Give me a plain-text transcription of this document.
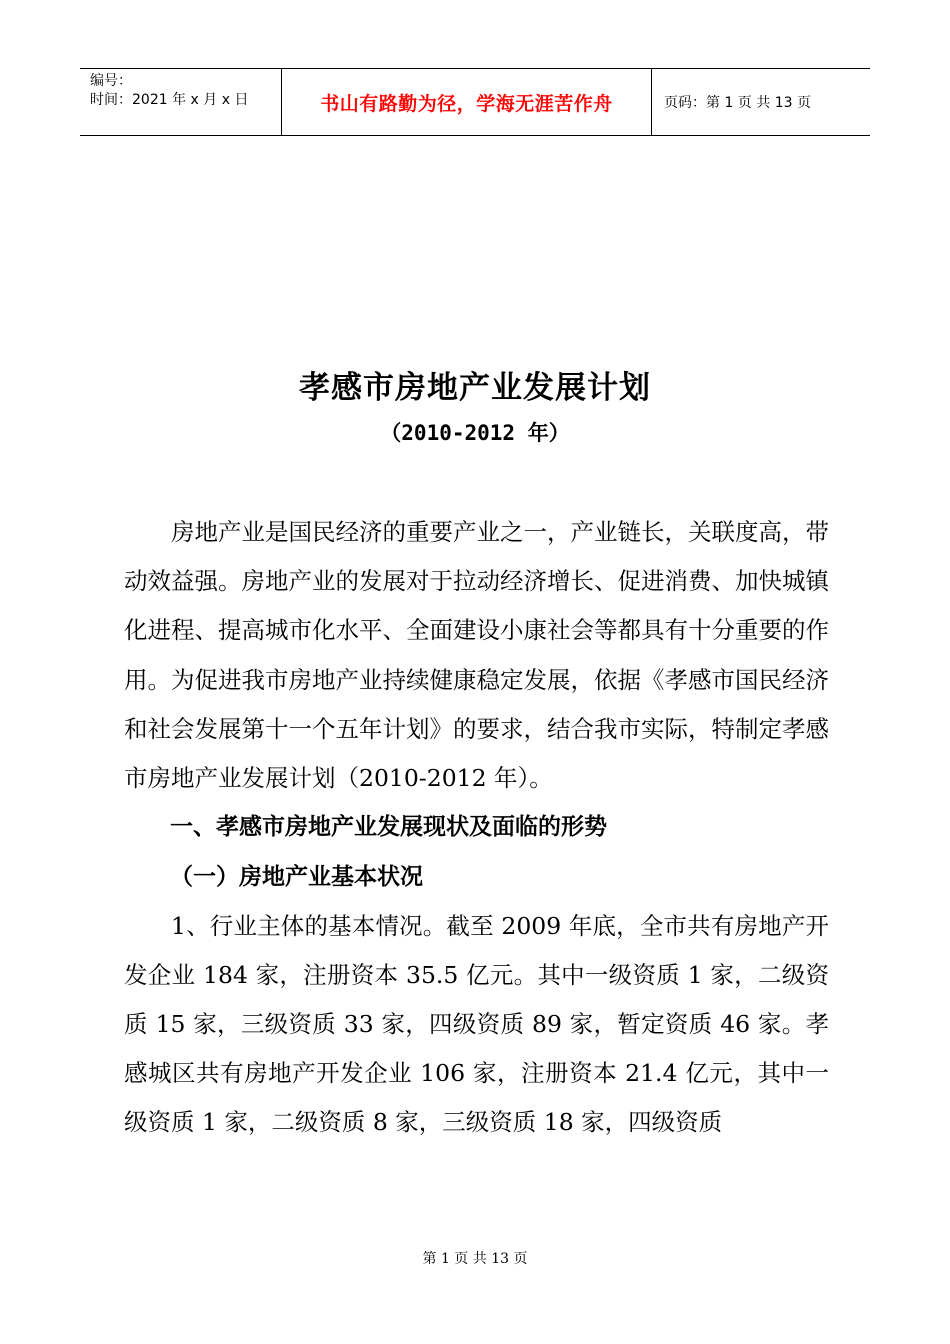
编号：
时间：2021 年 x 月 x 日	书山有路勤为径，学海无涯苦作舟	页码：第 1 页 共 13 页
孝感市房地产业发展计划
（2010-2012 年）

房地产业是国民经济的重要产业之一，产业链长，关联度高，带动效益强。房地产业的发展对于拉动经济增长、促进消费、加快城镇化进程、提高城市化水平、全面建设小康社会等都具有十分重要的作用。为促进我市房地产业持续健康稳定发展，依据《孝感市国民经济和社会发展第十一个五年计划》的要求，结合我市实际，特制定孝感市房地产业发展计划（2010-2012 年）。

一、孝感市房地产业发展现状及面临的形势
（一）房地产业基本状况

1、行业主体的基本情况。截至 2009 年底，全市共有房地产开发企业 184 家，注册资本 35.5 亿元。其中一级资质 1 家，二级资质 15 家，三级资质 33 家，四级资质 89 家，暂定资质 46 家。孝感城区共有房地产开发企业 106 家，注册资本 21.4 亿元，其中一级资质 1 家，二级资质 8 家，三级资质 18 家，四级资质

第 1 页 共 13 页
